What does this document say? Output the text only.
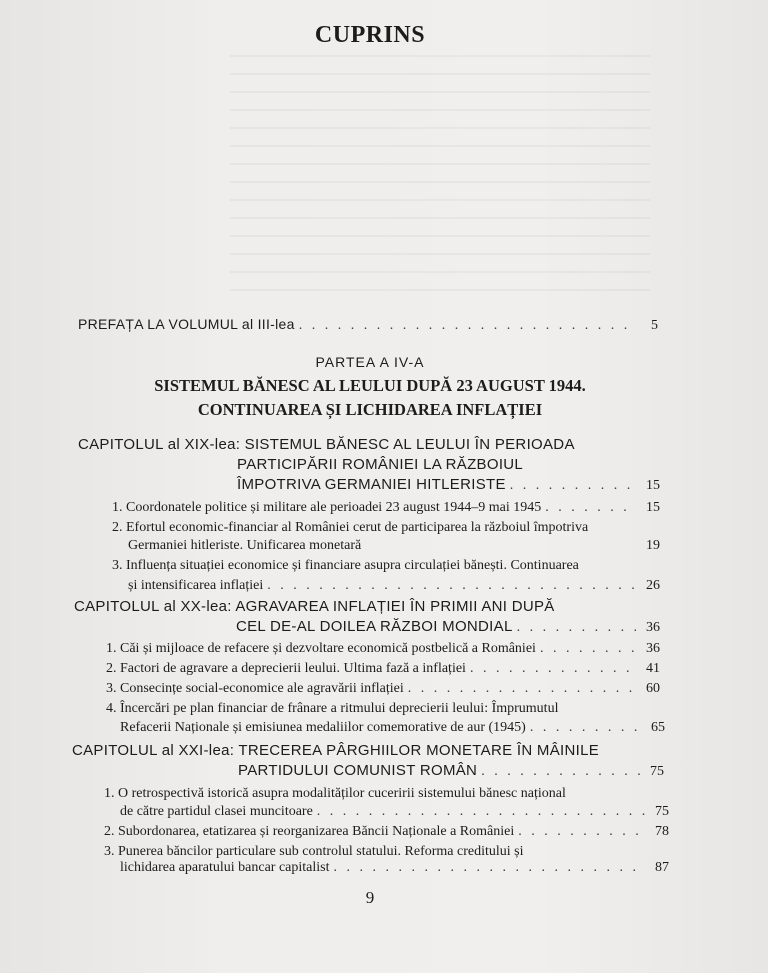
CUPRINS
PREFAȚA LA VOLUMUL al III-lea . . .	5
PARTEA A IV-A
SISTEMUL BĂNESC AL LEULUI DUPĂ 23 AUGUST 1944.
CONTINUAREA ȘI LICHIDAREA INFLAȚIEI
CAPITOLUL al XIX-lea: SISTEMUL BĂNESC AL LEULUI ÎN PERIOADA
PARTICIPĂRII ROMÂNIEI LA RĂZBOIUL
ÎMPOTRIVA GERMANIEI HITLERISTE . . .	15
1. Coordonatele politice și militare ale perioadei 23 august 1944–9 mai 1945 . . .	15
2. Efortul economic-financiar al României cerut de participarea la războiul împotriva
Germaniei hitleriste. Unificarea monetară	19
3. Influența situației economice și financiare asupra circulației bănești. Continuarea
și intensificarea inflației . . .	26
CAPITOLUL al XX-lea: AGRAVAREA INFLAȚIEI ÎN PRIMII ANI DUPĂ
CEL DE-AL DOILEA RĂZBOI MONDIAL . . .	36
1. Căi și mijloace de refacere și dezvoltare economică postbelică a României . . .	36
2. Factori de agravare a deprecierii leului. Ultima fază a inflației . . .	41
3. Consecințe social-economice ale agravării inflației . . .	60
4. Încercări pe plan financiar de frânare a ritmului deprecierii leului: Împrumutul
Refacerii Naționale și emisiunea medaliilor comemorative de aur (1945) . . .	65
CAPITOLUL al XXI-lea: TRECEREA PÂRGHIILOR MONETARE ÎN MÂINILE
PARTIDULUI COMUNIST ROMÂN . . .	75
1. O retrospectivă istorică asupra modalităților cuceririi sistemului bănesc național
de către partidul clasei muncitoare . . .	75
2. Subordonarea, etatizarea și reorganizarea Băncii Naționale a României . . .	78
3. Punerea băncilor particulare sub controlul statului. Reforma creditului și
lichidarea aparatului bancar capitalist . . .	87
9
